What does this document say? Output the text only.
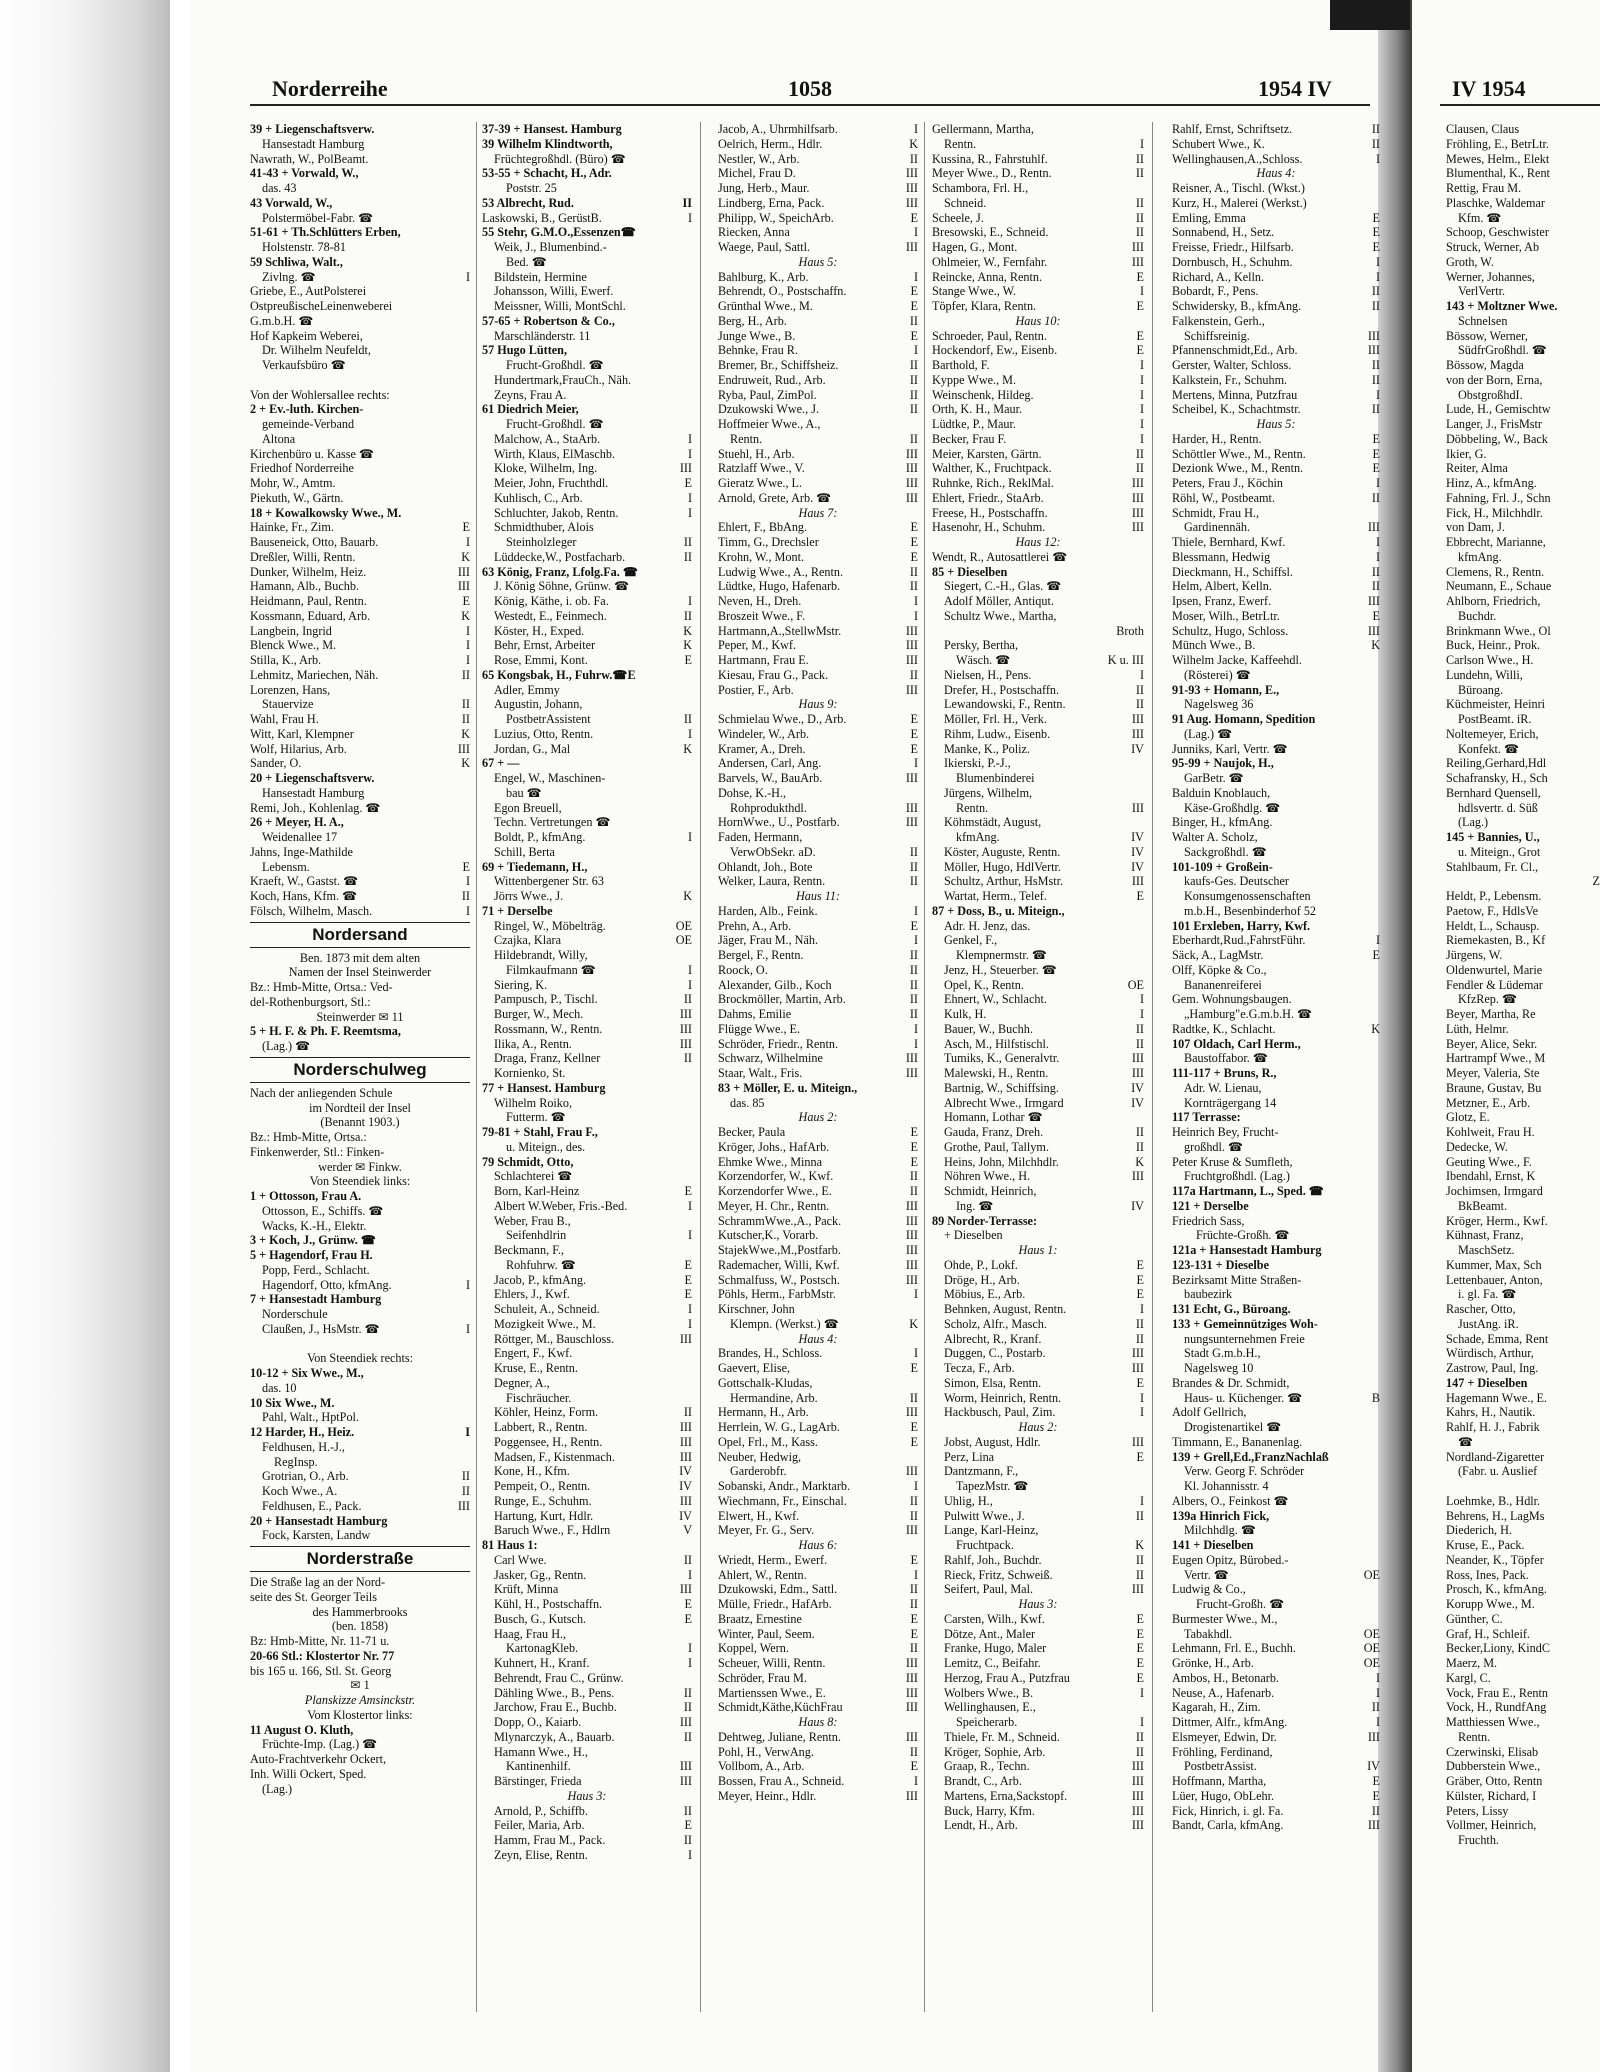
Norderreihe	1058	1954 IV	IV 1954
39 + Liegenschaftsverw.
Hansestadt Hamburg
Nawrath, W., PolBeamt.
41-43 + Vorwald, W.,
das. 43
43 Vorwald, W.,
Polstermöbel-Fabr. ☎
51-61 + Th.Schlütters Erben,
Holstenstr. 78-81
59 Schliwa, Walt.,
Zivlng. ☎	I
Griebe, E., AutPolsterei
OstpreußischeLeinenweberei
G.m.b.H. ☎
Hof Kapkeim Weberei,
Dr. Wilhelm Neufeldt,
Verkaufsbüro ☎
Von der Wohlersallee rechts:
2 + Ev.-luth. Kirchen-
gemeinde-Verband
Altona
Kirchenbüro u. Kasse ☎
Friedhof Norderreihe
Mohr, W., Amtm.
Piekuth, W., Gärtn.
18 + Kowalkowsky Wwe., M.
Hainke, Fr., Zim.	E
Bauseneick, Otto, Bauarb.	I
Dreßler, Willi, Rentn.	K
Dunker, Wilhelm, Heiz.	III
Hamann, Alb., Buchb.	III
Heidmann, Paul, Rentn.	E
Kossmann, Eduard, Arb.	K
Langbein, Ingrid	I
Blenck Wwe., M.	I
Stilla, K., Arb.	I
Lehmitz, Mariechen, Näh.	II
Lorenzen, Hans,
Stauervize	II
Wahl, Frau H.	II
Witt, Karl, Klempner	K
Wolf, Hilarius, Arb.	III
Sander, O.	K
20 + Liegenschaftsverw.
Hansestadt Hamburg
Remi, Joh., Kohlenlag. ☎
26 + Meyer, H. A.,
Weidenallee 17
Jahns, Inge-Mathilde
Lebensm.	E
Kraeft, W., Gastst. ☎	I
Koch, Hans, Kfm. ☎	II
Fölsch, Wilhelm, Masch.	I
Nordersand
Ben. 1873 mit dem alten
Namen der Insel Steinwerder
Bz.: Hmb-Mitte, Ortsa.: Ved-
del-Rothenburgsort, Stl.:
Steinwerder ✉ 11
5 + H. F. & Ph. F. Reemtsma,
(Lag.) ☎
Norderschulweg
Nach der anliegenden Schule
im Nordteil der Insel
(Benannt 1903.)
Bz.: Hmb-Mitte, Ortsa.:
Finkenwerder, Stl.: Finken-
werder ✉ Finkw.
Von Steendiek links:
1 + Ottosson, Frau A.
Ottosson, E., Schiffs. ☎
Wacks, K.-H., Elektr.
3 + Koch, J., Grünw. ☎
5 + Hagendorf, Frau H.
Popp, Ferd., Schlacht.
Hagendorf, Otto, kfmAng.	I
7 + Hansestadt Hamburg
Norderschule
Claußen, J., HsMstr. ☎	I
Von Steendiek rechts:
10-12 + Six Wwe., M.,
das. 10
10 Six Wwe., M.
Pahl, Walt., HptPol.
12 Harder, H., Heiz.	I
Feldhusen, H.-J.,
RegInsp.
Grotrian, O., Arb.	II
Koch Wwe., A.	II
Feldhusen, E., Pack.	III
20 + Hansestadt Hamburg
Fock, Karsten, Landw
Norderstraße
Die Straße lag an der Nord-
seite des St. Georger Teils
des Hammerbrooks
(ben. 1858)
Bz: Hmb-Mitte, Nr. 11-71 u.
20-66 Stl.: Klostertor Nr. 77
bis 165 u. 166, Stl. St. Georg
✉ 1
Planskizze Amsinckstr.
Vom Klostertor links:
11 August O. Kluth,
Früchte-Imp. (Lag.) ☎
Auto-Frachtverkehr Ockert,
Inh. Willi Ockert, Sped.
(Lag.)
37-39 + Hansest. Hamburg
39 Wilhelm Klindtworth,
Früchtegroßhdl. (Büro) ☎
53-55 + Schacht, H., Adr.
Poststr. 25
53 Albrecht, Rud.	II
Laskowski, B., GerüstB.	I
55 Stehr, G.M.O.,Essenzen☎
Weik, J., Blumenbind.-
Bed. ☎
Bildstein, Hermine
Johansson, Willi, Ewerf.
Meissner, Willi, MontSchl.
57-65 + Robertson & Co.,
Marschländerstr. 11
57 Hugo Lütten,
Frucht-Großhdl. ☎
Hundertmark,FrauCh., Näh.
Zeyns, Frau A.
61 Diedrich Meier,
Frucht-Großhdl. ☎
Malchow, A., StaArb.	I
Wirth, Klaus, ElMaschb.	I
Kloke, Wilhelm, Ing.	III
Meier, John, Fruchthdl.	E
Kuhlisch, C., Arb.	I
Schluchter, Jakob, Rentn.	I
Schmidthuber, Alois
Steinholzleger	II
Lüddecke,W., Postfacharb.	II
63 König, Franz, Lfolg.Fa. ☎
J. König Söhne, Grünw. ☎
König, Käthe, i. ob. Fa.	I
Westedt, E., Feinmech.	II
Köster, H., Exped.	K
Behr, Ernst, Arbeiter	K
Rose, Emmi, Kont.	E
65 Kongsbak, H., Fuhrw.☎E
Adler, Emmy
Augustin, Johann,
PostbetrAssistent	II
Luzius, Otto, Rentn.	I
Jordan, G., Mal	K
67 + —
Engel, W., Maschinen-
bau ☎
Egon Breuell,
Techn. Vertretungen ☎
Boldt, P., kfmAng.	I
Schill, Berta
69 + Tiedemann, H.,
Wittenbergener Str. 63
Jörrs Wwe., J.	K
71 + Derselbe
Ringel, W., Möbelträg.	OE
Czajka, Klara	OE
Hildebrandt, Willy,
Filmkaufmann ☎	I
Siering, K.	I
Pampusch, P., Tischl.	II
Burger, W., Mech.	III
Rossmann, W., Rentn.	III
Ilika, A., Rentn.	III
Draga, Franz, Kellner	II
Kornienko, St.
77 + Hansest. Hamburg
Wilhelm Roiko,
Futterm. ☎
79-81 + Stahl, Frau F.,
u. Miteign., des.
79 Schmidt, Otto,
Schlachterei ☎
Born, Karl-Heinz	E
Albert W.Weber, Fris.-Bed.	I
Weber, Frau B.,
Seifenhdlrin	I
Beckmann, F.,
Rohfuhrw. ☎	E
Jacob, P., kfmAng.	E
Ehlers, J., Kwf.	E
Schuleit, A., Schneid.	I
Mozigkeit Wwe., M.	I
Röttger, M., Bauschloss.	III
Engert, F., Kwf.
Kruse, E., Rentn.
Degner, A.,
Fischräucher.
Köhler, Heinz, Form.	II
Labbert, R., Rentn.	III
Poggensee, H., Rentn.	III
Madsen, F., Kistenmach.	III
Kone, H., Kfm.	IV
Pempeit, O., Rentn.	IV
Runge, E., Schuhm.	III
Hartung, Kurt, Hdlr.	IV
Baruch Wwe., F., Hdlrn	V
81 Haus 1:
Carl Wwe.	II
Jasker, Gg., Rentn.	I
Krüft, Minna	III
Kühl, H., Postschaffn.	E
Busch, G., Kutsch.	E
Haag, Frau H.,
KartonagKleb.	I
Kuhnert, H., Kranf.	I
Behrendt, Frau C., Grünw.
Dähling Wwe., B., Pens.	II
Jarchow, Frau E., Buchb.	II
Dopp, O., Kaiarb.	III
Mlynarczyk, A., Bauarb.	II
Hamann Wwe., H.,
Kantinenhilf.	III
Bärstinger, Frieda	III
Haus 3:
Arnold, P., Schiffb.	II
Feiler, Maria, Arb.	E
Hamm, Frau M., Pack.	II
Zeyn, Elise, Rentn.	I
Jacob, A., Uhrmhilfsarb.	I
Oelrich, Herm., Hdlr.	K
Nestler, W., Arb.	II
Michel, Frau D.	III
Jung, Herb., Maur.	III
Lindberg, Erna, Pack.	III
Philipp, W., SpeichArb.	E
Riecken, Anna	I
Waege, Paul, Sattl.	III
Haus 5:
Bahlburg, K., Arb.	I
Behrendt, O., Postschaffn.	E
Grünthal Wwe., M.	E
Berg, H., Arb.	II
Junge Wwe., B.	E
Behnke, Frau R.	I
Bremer, Br., Schiffsheiz.	II
Endruweit, Rud., Arb.	II
Ryba, Paul, ZimPol.	II
Dzukowski Wwe., J.	II
Hoffmeier Wwe., A.,
Rentn.	II
Stuehl, H., Arb.	III
Ratzlaff Wwe., V.	III
Gieratz Wwe., L.	III
Arnold, Grete, Arb. ☎	III
Haus 7:
Ehlert, F., BbAng.	E
Timm, G., Drechsler	E
Krohn, W., Mont.	E
Ludwig Wwe., A., Rentn.	II
Lüdtke, Hugo, Hafenarb.	II
Neven, H., Dreh.	I
Broszeit Wwe., F.	I
Hartmann,A.,StellwMstr.	III
Peper, M., Kwf.	III
Hartmann, Frau E.	III
Kiesau, Frau G., Pack.	II
Postier, F., Arb.	III
Haus 9:
Schmielau Wwe., D., Arb.	E
Windeler, W., Arb.	E
Kramer, A., Dreh.	E
Andersen, Carl, Ang.	I
Barvels, W., BauArb.	III
Dohse, K.-H.,
Rohprodukthdl.	III
HornWwe., U., Postfarb.	III
Faden, Hermann,
VerwObSekr. aD.	II
Ohlandt, Joh., Bote	II
Welker, Laura, Rentn.	II
Haus 11:
Harden, Alb., Feink.	I
Prehn, A., Arb.	E
Jäger, Frau M., Näh.	I
Bergel, F., Rentn.	II
Roock, O.	II
Alexander, Gilb., Koch	II
Brockmöller, Martin, Arb.	II
Dahms, Emilie	II
Flügge Wwe., E.	I
Schröder, Friedr., Rentn.	I
Schwarz, Wilhelmine	III
Staar, Walt., Fris.	III
83 + Möller, E. u. Miteign.,
das. 85
Haus 2:
Becker, Paula	E
Kröger, Johs., HafArb.	E
Ehmke Wwe., Minna	E
Korzendorfer, W., Kwf.	II
Korzendorfer Wwe., E.	II
Meyer, H. Chr., Rentn.	III
SchrammWwe.,A., Pack.	III
Kutscher,K., Vorarb.	III
StajekWwe.,M.,Postfarb.	III
Rademacher, Willi, Kwf.	III
Schmalfuss, W., Postsch.	III
Pöhls, Herm., FarbMstr.	I
Kirschner, John
Klempn. (Werkst.) ☎	K
Haus 4:
Brandes, H., Schloss.	I
Gaevert, Elise,	E
Gottschalk-Kludas,
Hermandine, Arb.	II
Hermann, H., Arb.	III
Herrlein, W. G., LagArb.	E
Opel, Frl., M., Kass.	E
Neuber, Hedwig,
Garderobfr.	III
Sobanski, Andr., Marktarb.	I
Wiechmann, Fr., Einschal.	II
Elwert, H., Kwf.	II
Meyer, Fr. G., Serv.	III
Haus 6:
Wriedt, Herm., Ewerf.	E
Ahlert, W., Rentn.	I
Dzukowski, Edm., Sattl.	II
Mülle, Friedr., HafArb.	II
Braatz, Ernestine	E
Winter, Paul, Seem.	E
Koppel, Wern.	II
Scheuer, Willi, Rentn.	III
Schröder, Frau M.	III
Martienssen Wwe., E.	III
Schmidt,Käthe,KüchFrau	III
Haus 8:
Dehtweg, Juliane, Rentn.	III
Pohl, H., VerwAng.	II
Vollbom, A., Arb.	E
Bossen, Frau A., Schneid.	I
Meyer, Heinr., Hdlr.	III
Gellermann, Martha,
Rentn.	I
Kussina, R., Fahrstuhlf.	II
Meyer Wwe., D., Rentn.	II
Schambora, Frl. H.,
Schneid.	II
Scheele, J.	II
Bresowski, E., Schneid.	II
Hagen, G., Mont.	III
Ohlmeier, W., Fernfahr.	III
Reincke, Anna, Rentn.	E
Stange Wwe., W.	I
Töpfer, Klara, Rentn.	E
Haus 10:
Schroeder, Paul, Rentn.	E
Hockendorf, Ew., Eisenb.	E
Barthold, F.	I
Kyppe Wwe., M.	I
Weinschenk, Hildeg.	I
Orth, K. H., Maur.	I
Lüdtke, P., Maur.	I
Becker, Frau F.	I
Meier, Karsten, Gärtn.	II
Walther, K., Fruchtpack.	II
Ruhnke, Rich., ReklMal.	III
Ehlert, Friedr., StaArb.	III
Freese, H., Postschaffn.	III
Hasenohr, H., Schuhm.	III
Haus 12:
Wendt, R., Autosattlerei ☎
85 + Dieselben
Siegert, C.-H., Glas. ☎
Adolf Möller, Antiqut.
Schultz Wwe., Martha,
Broth
Persky, Bertha,
Wäsch. ☎	K u. III
Nielsen, H., Pens.	I
Drefer, H., Postschaffn.	II
Lewandowski, F., Rentn.	II
Möller, Frl. H., Verk.	III
Rihm, Ludw., Eisenb.	III
Manke, K., Poliz.	IV
Ikierski, P.-J.,
Blumenbinderei
Jürgens, Wilhelm,
Rentn.	III
Köhmstädt, August,
kfmAng.	IV
Köster, Auguste, Rentn.	IV
Möller, Hugo, HdlVertr.	IV
Schultz, Arthur, HsMstr.	III
Wartat, Herm., Telef.	E
87 + Doss, B., u. Miteign.,
Adr. H. Jenz, das.
Genkel, F.,
Klempnermstr. ☎
Jenz, H., Steuerber. ☎
Opel, K., Rentn.	OE
Ehnert, W., Schlacht.	I
Kulk, H.	I
Bauer, W., Buchh.	II
Asch, M., Hilfstischl.	II
Tumiks, K., Generalvtr.	III
Malewski, H., Rentn.	III
Bartnig, W., Schiffsing.	IV
Albrecht Wwe., Irmgard	IV
Homann, Lothar ☎
Gauda, Franz, Dreh.	II
Grothe, Paul, Tallym.	II
Heins, John, Milchhdlr.	K
Nöhren Wwe., H.	III
Schmidt, Heinrich,
Ing. ☎	IV
89 Norder-Terrasse:
+ Dieselben
Haus 1:
Ohde, P., Lokf.	E
Dröge, H., Arb.	E
Möbius, E., Arb.	E
Behnken, August, Rentn.	I
Scholz, Alfr., Masch.	II
Albrecht, R., Kranf.	II
Duggen, C., Postarb.	III
Tecza, F., Arb.	III
Simon, Elsa, Rentn.	E
Worm, Heinrich, Rentn.	I
Hackbusch, Paul, Zim.	I
Haus 2:
Jobst, August, Hdlr.	III
Perz, Lina	E
Dantzmann, F.,
TapezMstr. ☎
Uhlig, H.,	I
Pulwitt Wwe., J.	II
Lange, Karl-Heinz,
Fruchtpack.	K
Rahlf, Joh., Buchdr.	II
Rieck, Fritz, Schweiß.	II
Seifert, Paul, Mal.	III
Haus 3:
Carsten, Wilh., Kwf.	E
Dötze, Ant., Maler	E
Franke, Hugo, Maler	E
Lemitz, C., Beifahr.	E
Herzog, Frau A., Putzfrau	E
Wolbers Wwe., B.	I
Wellinghausen, E.,
Speicherarb.	I
Thiele, Fr. M., Schneid.	II
Kröger, Sophie, Arb.	II
Graap, R., Techn.	III
Brandt, C., Arb.	III
Martens, Erna,Sackstopf.	III
Buck, Harry, Kfm.	III
Lendt, H., Arb.	III
Rahlf, Ernst, Schriftsetz.	II
Schubert Wwe., K.	II
Wellinghausen,A.,Schloss.	I
Haus 4:
Reisner, A., Tischl. (Wkst.)
Kurz, H., Malerei (Werkst.)
Emling, Emma	E
Sonnabend, H., Setz.	E
Freisse, Friedr., Hilfsarb.	E
Dornbusch, H., Schuhm.	I
Richard, A., Kelln.	I
Bobardt, F., Pens.	II
Schwidersky, B., kfmAng.	II
Falkenstein, Gerh.,
Schiffsreinig.	III
Pfannenschmidt,Ed., Arb.	III
Gerster, Walter, Schloss.	II
Kalkstein, Fr., Schuhm.	II
Mertens, Minna, Putzfrau	I
Scheibel, K., Schachtmstr.	II
Haus 5:
Harder, H., Rentn.	E
Schöttler Wwe., M., Rentn.	E
Dezionk Wwe., M., Rentn.	E
Peters, Frau J., Köchin	I
Röhl, W., Postbeamt.	II
Schmidt, Frau H.,
Gardinennäh.	III
Thiele, Bernhard, Kwf.	I
Blessmann, Hedwig	I
Dieckmann, H., Schiffsl.	II
Helm, Albert, Kelln.	II
Ipsen, Franz, Ewerf.	III
Moser, Wilh., BetrLtr.	E
Schultz, Hugo, Schloss.	III
Münch Wwe., B.	K
Wilhelm Jacke, Kaffeehdl.
(Rösterei) ☎
91-93 + Homann, E.,
Nagelsweg 36
91 Aug. Homann, Spedition
(Lag.) ☎
Junniks, Karl, Vertr. ☎
95-99 + Naujok, H.,
GarBetr. ☎
Balduin Knoblauch,
Käse-Großhdlg. ☎
Binger, H., kfmAng.
Walter A. Scholz,
Sackgroßhdl. ☎
101-109 + Großein-
kaufs-Ges. Deutscher
Konsumgenossenschaften
m.b.H., Besenbinderhof 52
101 Erxleben, Harry, Kwf.
Eberhardt,Rud.,FahrstFühr.	I
Säck, A., LagMstr.	E
Olff, Köpke & Co.,
Bananenreiferei
Gem. Wohnungsbaugen.
„Hamburg"e.G.m.b.H. ☎
Radtke, K., Schlacht.	K
107 Oldach, Carl Herm.,
Baustoffabor. ☎
111-117 + Bruns, R.,
Adr. W. Lienau,
Kornträgergang 14
117 Terrasse:
Heinrich Bey, Frucht-
großhdl. ☎
Peter Kruse & Sumfleth,
Fruchtgroßhdl. (Lag.)
117a Hartmann, L., Sped. ☎
121 + Derselbe
Friedrich Sass,
Früchte-Großh. ☎
121a + Hansestadt Hamburg
123-131 + Dieselbe
Bezirksamt Mitte Straßen-
baubezirk
131 Echt, G., Büroang.
133 + Gemeinnütziges Woh-
nungsunternehmen Freie
Stadt G.m.b.H.,
Nagelsweg 10
Brandes & Dr. Schmidt,
Haus- u. Küchenger. ☎	B
Adolf Gellrich,
Drogistenartikel ☎
Timmann, E., Bananenlag.
139 + Grell,Ed.,FranzNachlaß
Verw. Georg F. Schröder
Kl. Johannisstr. 4
Albers, O., Feinkost ☎
139a Hinrich Fick,
Milchhdlg. ☎
141 + Dieselben
Eugen Opitz, Bürobed.-
Vertr. ☎	OE
Ludwig & Co.,
Frucht-Großh. ☎
Burmester Wwe., M.,
Tabakhdl.	OE
Lehmann, Frl. E., Buchh.	OE
Grönke, H., Arb.	OE
Ambos, H., Betonarb.	I
Neuse, A., Hafenarb.	I
Kagarah, H., Zim.	II
Dittmer, Alfr., kfmAng.	I
Elsmeyer, Edwin, Dr.	III
Fröhling, Ferdinand,
PostbetrAssist.	IV
Hoffmann, Martha,	E
Lüer, Hugo, ObLehr.	E
Fick, Hinrich, i. gl. Fa.	II
Bandt, Carla, kfmAng.	III
Clausen, Claus
Fröhling, E., BetrLtr.
Mewes, Helm., Elekt
Blumenthal, K., Rent
Rettig, Frau M.
Plaschke, Waldemar
Kfm. ☎
Schoop, Geschwister
Struck, Werner, Ab
Groth, W.
Werner, Johannes,
VerlVertr.
143 + Moltzner Wwe.
Schnelsen
Bössow, Werner,
SüdfrGroßhdl. ☎
Bössow, Magda
von der Born, Erna,
ObstgroßhdI.
Lude, H., Gemischtw
Langer, J., FrisMstr
Döbbeling, W., Back
Ikier, G.
Reiter, Alma
Hinz, A., kfmAng.
Fahning, Frl. J., Schn
Fick, H., Milchhdlr.
von Dam, J.
Ebbrecht, Marianne,
kfmAng.
Clemens, R., Rentn.
Neumann, E., Schaue
Ahlborn, Friedrich,
Buchdr.
Brinkmann Wwe., Ol
Buck, Heinr., Prok.
Carlson Wwe., H.
Lundehn, Willi,
Büroang.
Küchmeister, Heinri
PostBeamt. iR.
Noltemeyer, Erich,
Konfekt. ☎
Reiling,Gerhard,Hdl
Schafransky, H., Sch
Bernhard Quensell,
hdlsvertr. d. Süß
(Lag.)
145 + Bannies, U.,
u. Miteign., Grot
Stahlbaum, Fr. Cl.,
Z
Heldt, P., Lebensm.
Paetow, F., HdlsVe
Heldt, L., Schausp.
Riemekasten, B., Kf
Jürgens, W.
Oldenwurtel, Marie
Fendler & Lüdemar
KfzRep. ☎
Beyer, Martha, Re
Lüth, Helmr.
Beyer, Alice, Sekr.
Hartrampf Wwe., M
Meyer, Valeria, Ste
Braune, Gustav, Bu
Metzner, E., Arb.
Glotz, E.
Kohlweit, Frau H.
Dedecke, W.
Geuting Wwe., F.
Ibendahl, Ernst, K
Jochimsen, Irmgard
BkBeamt.
Kröger, Herm., Kwf.
Kühnast, Franz,
MaschSetz.
Kummer, Max, Sch
Lettenbauer, Anton,
i. gl. Fa. ☎
Rascher, Otto,
JustAng. iR.
Schade, Emma, Rent
Würdisch, Arthur,
Zastrow, Paul, Ing.
147 + Dieselben
Hagemann Wwe., E.
Kahrs, H., Nautik.
Rahlf, H. J., Fabrik
☎
Nordland-Zigaretter
(Fabr. u. Auslief
Loehmke, B., Hdlr.
Behrens, H., LagMs
Diederich, H.
Kruse, E., Pack.
Neander, K., Töpfer
Ross, Ines, Pack.
Prosch, K., kfmAng.
Korupp Wwe., M.
Günther, C.
Graf, H., Schleif.
Becker,Liony, KindC
Maerz, M.
Kargl, C.
Vock, Frau E., Rentn
Vock, H., RundfAng
Matthiessen Wwe.,
Rentn.
Czerwinski, Elisab
Dubberstein Wwe.,
Gräber, Otto, Rentn
Külster, Richard, I
Peters, Lissy
Vollmer, Heinrich,
Fruchth.
